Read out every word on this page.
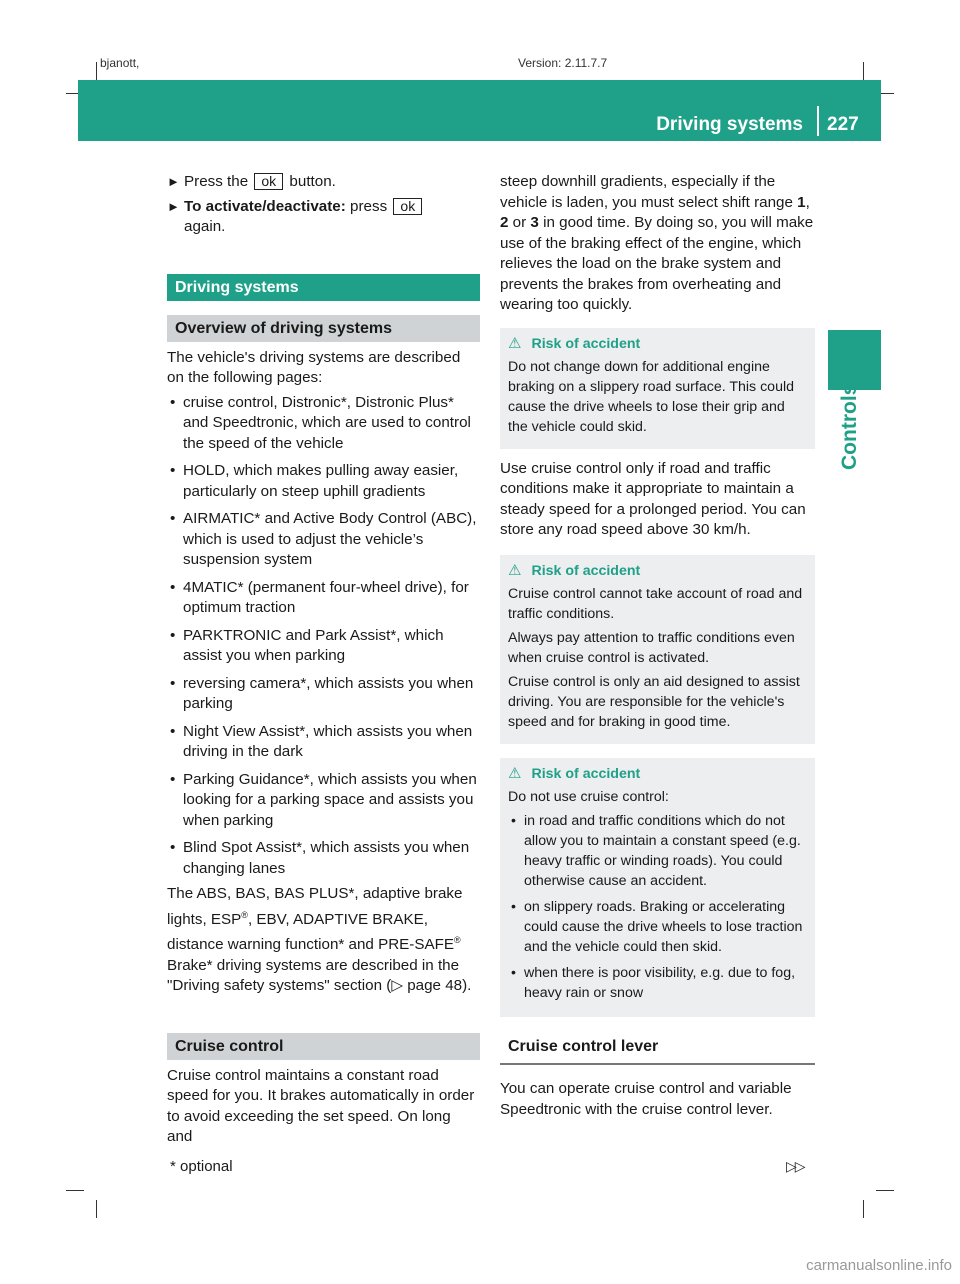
bjanott,	Version: 2.11.7.7
Driving systems 227
Controls
► Press the ok button.
► To activate/deactivate: press ok
again.
Driving systems
Overview of driving systems

The vehicle's driving systems are described on the following pages:

• cruise control, Distronic*, Distronic Plus* and Speedtronic, which are used to control the speed of the vehicle
• HOLD, which makes pulling away easier, particularly on steep uphill gradients
• AIRMATIC* and Active Body Control (ABC), which is used to adjust the vehicle’s suspension system
• 4MATIC* (permanent four-wheel drive), for optimum traction
• PARKTRONIC and Park Assist*, which assist you when parking
• reversing camera*, which assists you when parking
• Night View Assist*, which assists you when driving in the dark
• Parking Guidance*, which assists you when looking for a parking space and assists you when parking
• Blind Spot Assist*, which assists you when changing lanes

The ABS, BAS, BAS PLUS*, adaptive brake lights, ESP®, EBV, ADAPTIVE BRAKE, distance warning function* and PRE-SAFE® Brake* driving systems are described in the "Driving safety systems" section (▷ page 48).

Cruise control

Cruise control maintains a constant road speed for you. It brakes automatically in order to avoid exceeding the set speed. On long and

steep downhill gradients, especially if the vehicle is laden, you must select shift range 1, 2 or 3 in good time. By doing so, you will make use of the braking effect of the engine, which relieves the load on the brake system and prevents the brakes from overheating and wearing too quickly.

⚠ Risk of accident

Do not change down for additional engine braking on a slippery road surface. This could cause the drive wheels to lose their grip and the vehicle could skid.

Use cruise control only if road and traffic conditions make it appropriate to maintain a steady speed for a prolonged period. You can store any road speed above 30 km/h.

⚠ Risk of accident

Cruise control cannot take account of road and traffic conditions.

Always pay attention to traffic conditions even when cruise control is activated.

Cruise control is only an aid designed to assist driving. You are responsible for the vehicle's speed and for braking in good time.

⚠ Risk of accident

Do not use cruise control:

• in road and traffic conditions which do not allow you to maintain a constant speed (e.g. heavy traffic or winding roads). You could otherwise cause an accident.
• on slippery roads. Braking or accelerating could cause the drive wheels to lose traction and the vehicle could then skid.
• when there is poor visibility, e.g. due to fog, heavy rain or snow
Cruise control lever

You can operate cruise control and variable Speedtronic with the cruise control lever.

* optional	▷▷
carmanualsonline.info
